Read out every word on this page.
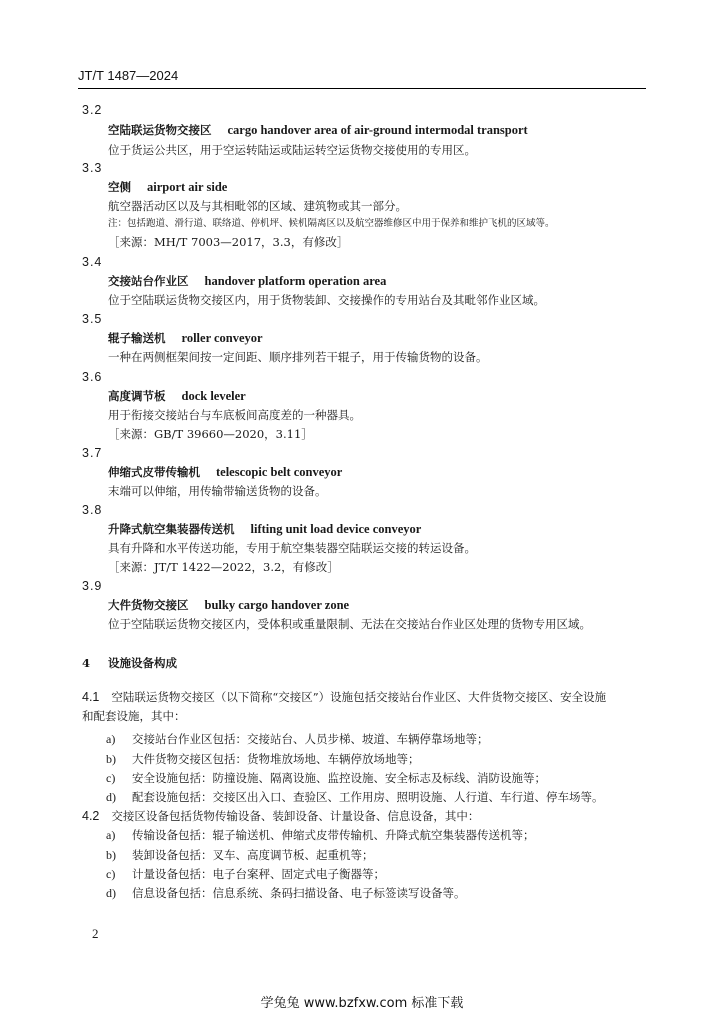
JT/T 1487—2024
3.2
空陆联运货物交接区 cargo handover area of air-ground intermodal transport
位于货运公共区，用于空运转陆运或陆运转空运货物交接使用的专用区。
3.3
空侧 airport air side
航空器活动区以及与其相毗邻的区域、建筑物或其一部分。
注：包括跑道、滑行道、联络道、停机坪、候机隔离区以及航空器维修区中用于保养和维护飞机的区域等。
［来源：MH/T 7003—2017，3.3，有修改］
3.4
交接站台作业区 handover platform operation area
位于空陆联运货物交接区内，用于货物装卸、交接操作的专用站台及其毗邻作业区域。
3.5
辊子输送机 roller conveyor
一种在两侧框架间按一定间距、顺序排列若干辊子，用于传输货物的设备。
3.6
高度调节板 dock leveler
用于衔接交接站台与车底板间高度差的一种器具。
［来源：GB/T 39660—2020，3.11］
3.7
伸缩式皮带传输机 telescopic belt conveyor
末端可以伸缩，用传输带输送货物的设备。
3.8
升降式航空集装器传送机 lifting unit load device conveyor
具有升降和水平传送功能，专用于航空集装器空陆联运交接的转运设备。
［来源：JT/T 1422—2022，3.2，有修改］
3.9
大件货物交接区 bulky cargo handover zone
位于空陆联运货物交接区内，受体积或重量限制、无法在交接站台作业区处理的货物专用区域。
4 设施设备构成
4.1 空陆联运货物交接区（以下简称“交接区”）设施包括交接站台作业区、大件货物交接区、安全设施
和配套设施，其中：
a) 交接站台作业区包括：交接站台、人员步梯、坡道、车辆停靠场地等；
b) 大件货物交接区包括：货物堆放场地、车辆停放场地等；
c) 安全设施包括：防撞设施、隔离设施、监控设施、安全标志及标线、消防设施等；
d) 配套设施包括：交接区出入口、查验区、工作用房、照明设施、人行道、车行道、停车场等。
4.2 交接区设备包括货物传输设备、装卸设备、计量设备、信息设备，其中：
a) 传输设备包括：辊子输送机、伸缩式皮带传输机、升降式航空集装器传送机等；
b) 装卸设备包括：叉车、高度调节板、起重机等；
c) 计量设备包括：电子台案秤、固定式电子衡器等；
d) 信息设备包括：信息系统、条码扫描设备、电子标签读写设备等。
2
学兔兔 www.bzfxw.com 标准下载
